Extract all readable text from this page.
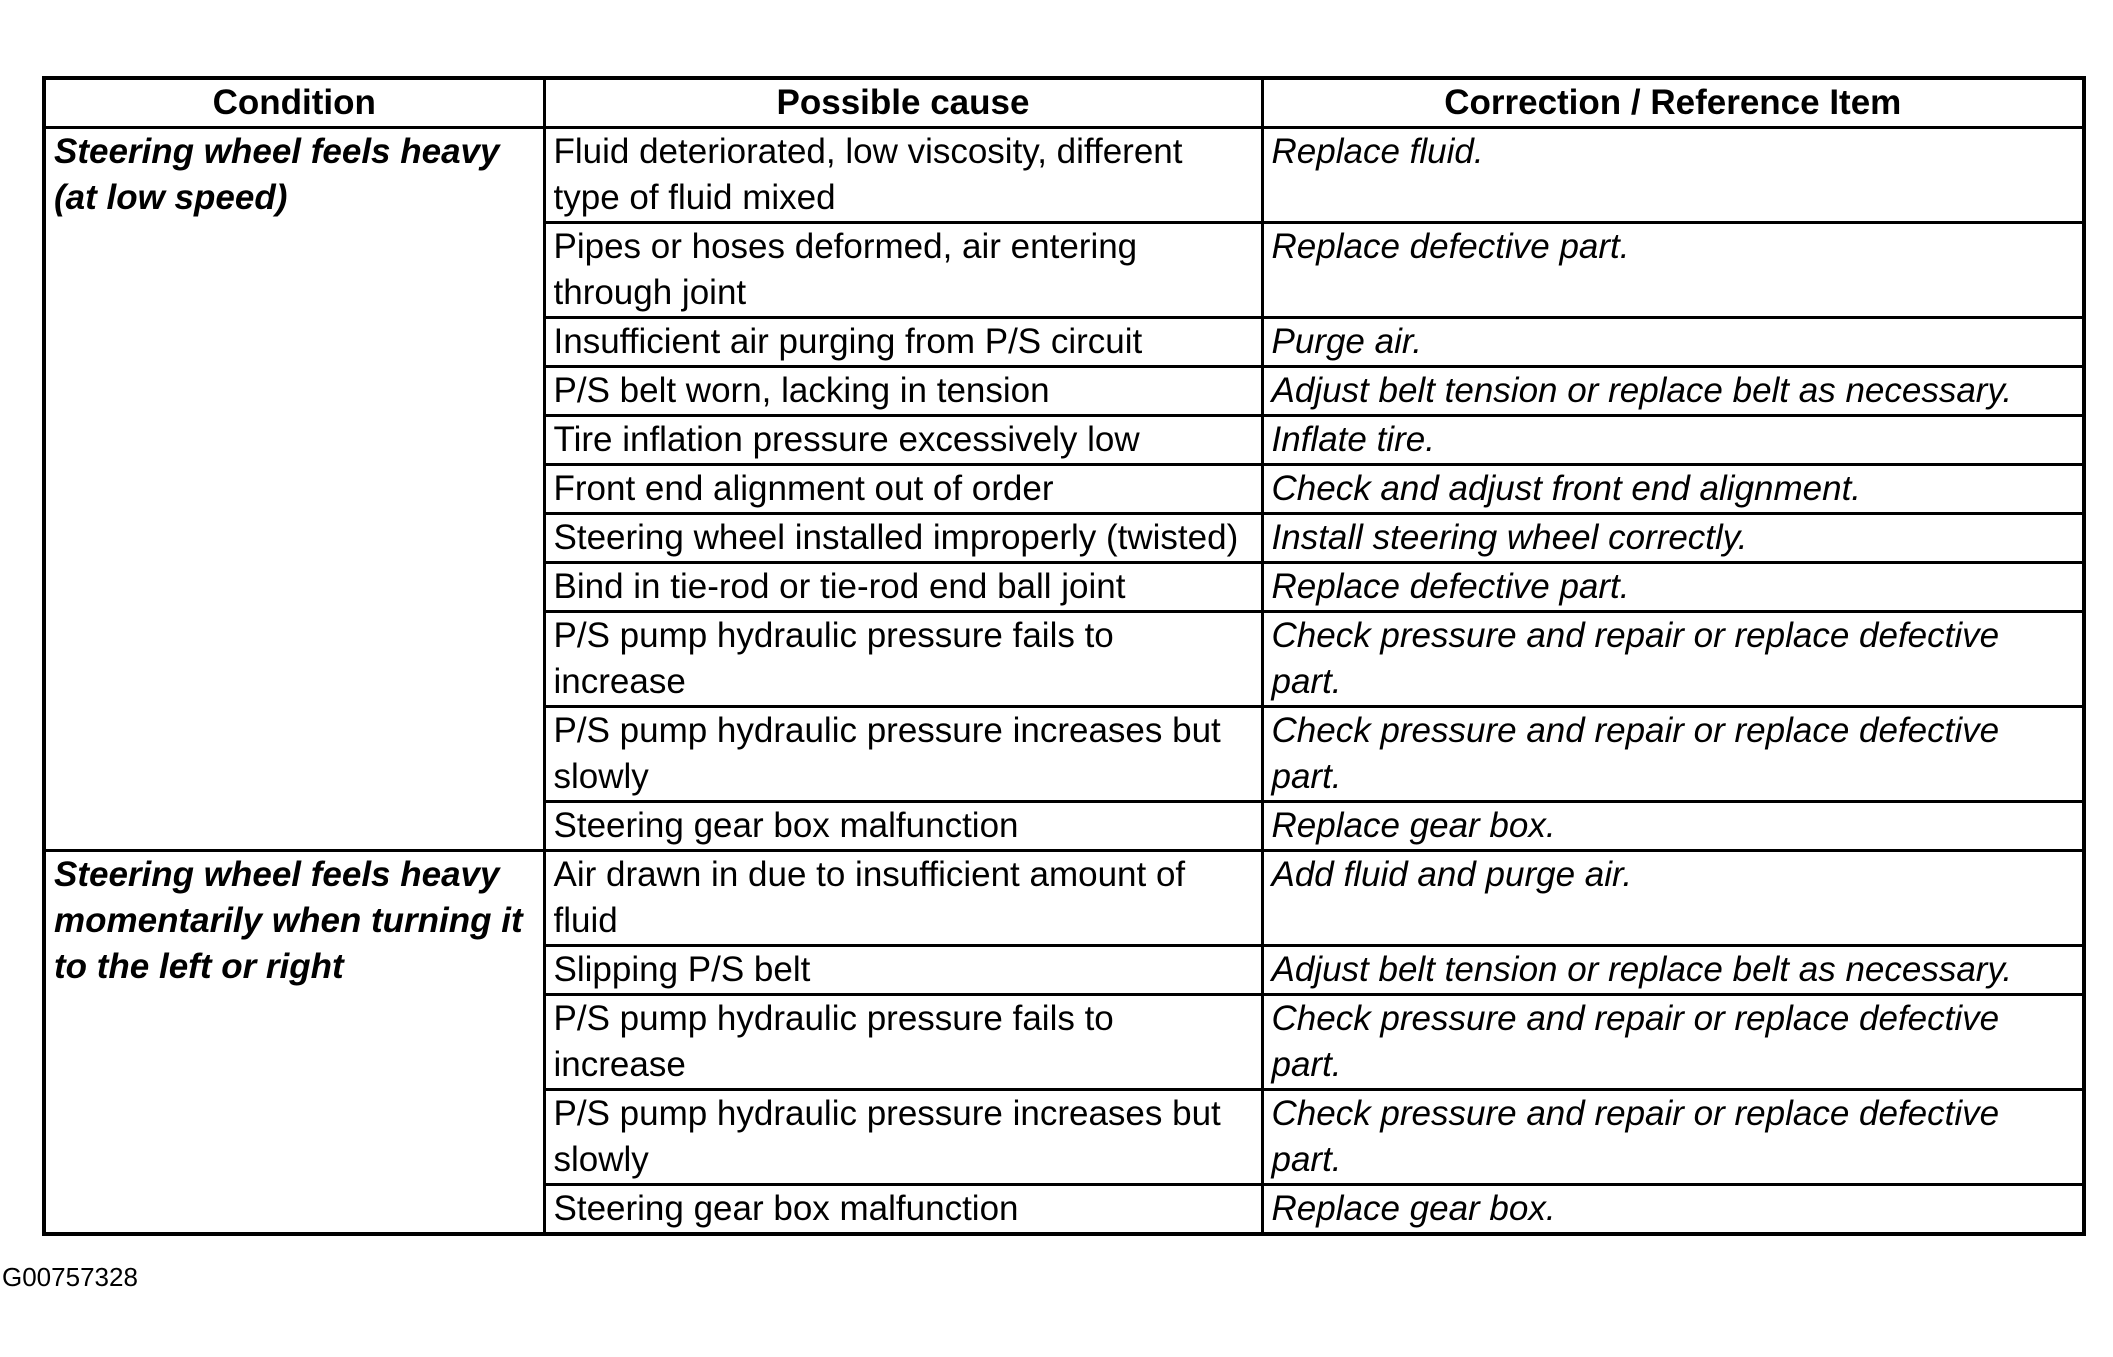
Condition	Possible cause	Correction / Reference Item
Steering wheel feels heavy (at low speed)	Fluid deteriorated, low viscosity, different type of fluid mixed	Replace fluid.
	Pipes or hoses deformed, air entering through joint	Replace defective part.
	Insufficient air purging from P/S circuit	Purge air.
	P/S belt worn, lacking in tension	Adjust belt tension or replace belt as necessary.
	Tire inflation pressure excessively low	Inflate tire.
	Front end alignment out of order	Check and adjust front end alignment.
	Steering wheel installed improperly (twisted)	Install steering wheel correctly.
	Bind in tie-rod or tie-rod end ball joint	Replace defective part.
	P/S pump hydraulic pressure fails to increase	Check pressure and repair or replace defective part.
	P/S pump hydraulic pressure increases but slowly	Check pressure and repair or replace defective part.
	Steering gear box malfunction	Replace gear box.
Steering wheel feels heavy momentarily when turning it to the left or right	Air drawn in due to insufficient amount of fluid	Add fluid and purge air.
	Slipping P/S belt	Adjust belt tension or replace belt as necessary.
	P/S pump hydraulic pressure fails to increase	Check pressure and repair or replace defective part.
	P/S pump hydraulic pressure increases but slowly	Check pressure and repair or replace defective part.
	Steering gear box malfunction	Replace gear box.
G00757328
